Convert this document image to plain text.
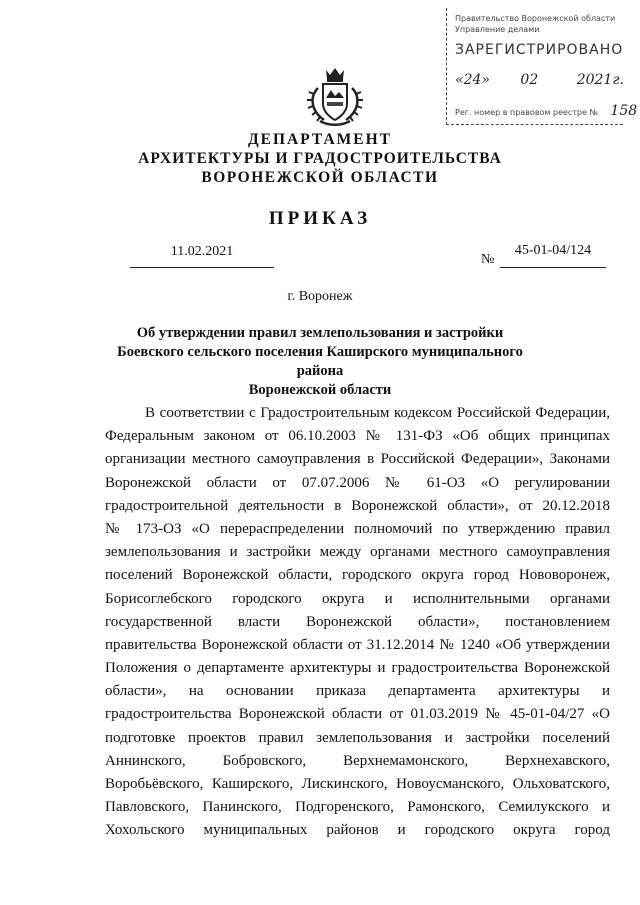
Правительство Воронежской области
Управление делами
ЗАРЕГИСТРИРОВАНО
«24» 02	2021г.
Рег. номер в правовом реестре № 158
ДЕПАРТАМЕНТ
АРХИТЕКТУРЫ И ГРАДОСТРОИТЕЛЬСТВА
ВОРОНЕЖСКОЙ ОБЛАСТИ
ПРИКАЗ
11.02.2021
№
45-01-04/124
г. Воронеж
Об утверждении правил землепользования и застройки
Боевского сельского поселения Каширского муниципального района
Воронежской области
В соответствии с Градостроительным кодексом Российской Федерации,
Федеральным законом от 06.10.2003 № 131-ФЗ «Об общих принципах
организации местного самоуправления в Российской Федерации», Законами
Воронежской области от 07.07.2006 № 61-ОЗ «О регулировании
градостроительной деятельности в Воронежской области», от 20.12.2018
№ 173-ОЗ «О перераспределении полномочий по утверждению правил
землепользования и застройки между органами местного самоуправления
поселений Воронежской области, городского округа город Нововоронеж,
Борисоглебского городского округа и исполнительными органами
государственной власти Воронежской области», постановлением
правительства Воронежской области от 31.12.2014 № 1240 «Об утверждении
Положения о департаменте архитектуры и градостроительства Воронежской
области», на основании приказа департамента архитектуры и
градостроительства Воронежской области от 01.03.2019 № 45-01-04/27 «О
подготовке проектов правил землепользования и застройки поселений
Аннинского, Бобровского, Верхнемамонского, Верхнехавского,
Воробьёвского, Каширского, Лискинского, Новоусманского, Ольховатского,
Павловского, Панинского, Подгоренского, Рамонского, Семилукского и
Хохольского муниципальных районов и городского округа город
